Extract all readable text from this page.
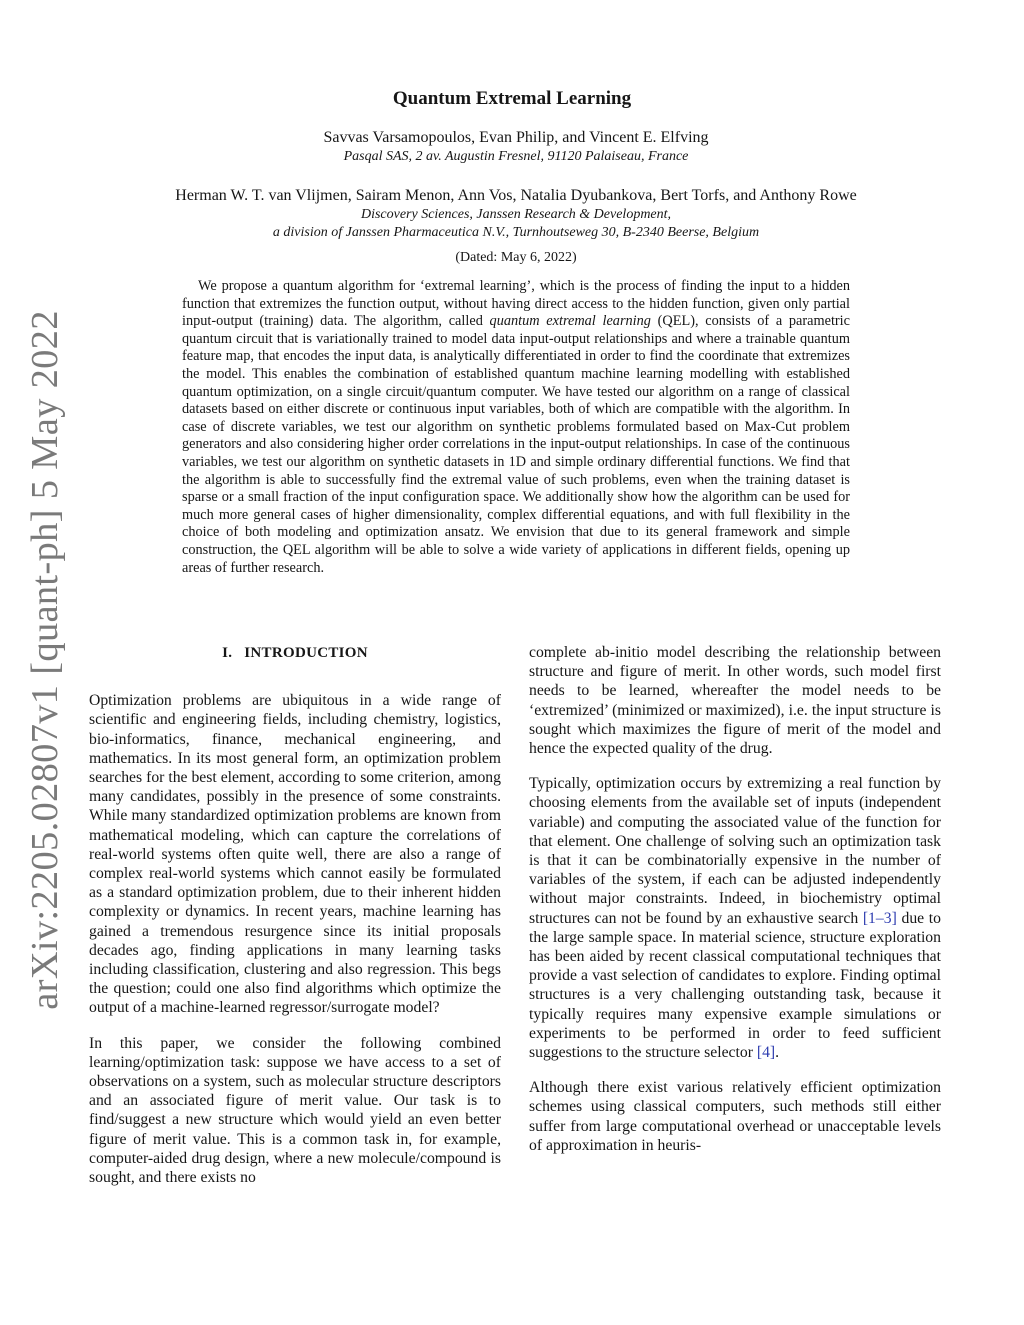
arXiv:2205.02807v1 [quant-ph] 5 May 2022
Quantum Extremal Learning

Savvas Varsamopoulos, Evan Philip, and Vincent E. Elfving

Pasqal SAS, 2 av. Augustin Fresnel, 91120 Palaiseau, France

Herman W. T. van Vlijmen, Sairam Menon, Ann Vos, Natalia Dyubankova, Bert Torfs, and Anthony Rowe

Discovery Sciences, Janssen Research & Development,

a division of Janssen Pharmaceutica N.V., Turnhoutseweg 30, B-2340 Beerse, Belgium

(Dated: May 6, 2022)

We propose a quantum algorithm for ‘extremal learning’, which is the process of finding the input to a hidden function that extremizes the function output, without having direct access to the hidden function, given only partial input-output (training) data. The algorithm, called quantum extremal learning (QEL), consists of a parametric quantum circuit that is variationally trained to model data input-output relationships and where a trainable quantum feature map, that encodes the input data, is analytically differentiated in order to find the coordinate that extremizes the model. This enables the combination of established quantum machine learning modelling with established quantum optimization, on a single circuit/quantum computer. We have tested our algorithm on a range of classical datasets based on either discrete or continuous input variables, both of which are compatible with the algorithm. In case of discrete variables, we test our algorithm on synthetic problems formulated based on Max-Cut problem generators and also considering higher order correlations in the input-output relationships. In case of the continuous variables, we test our algorithm on synthetic datasets in 1D and simple ordinary differential functions. We find that the algorithm is able to successfully find the extremal value of such problems, even when the training dataset is sparse or a small fraction of the input configuration space. We additionally show how the algorithm can be used for much more general cases of higher dimensionality, complex differential equations, and with full flexibility in the choice of both modeling and optimization ansatz. We envision that due to its general framework and simple construction, the QEL algorithm will be able to solve a wide variety of applications in different fields, opening up areas of further research.

I. INTRODUCTION

Optimization problems are ubiquitous in a wide range of scientific and engineering fields, including chemistry, logistics, bio-informatics, finance, mechanical engineering, and mathematics. In its most general form, an optimization problem searches for the best element, according to some criterion, among many candidates, possibly in the presence of some constraints. While many standardized optimization problems are known from mathematical modeling, which can capture the correlations of real-world systems often quite well, there are also a range of complex real-world systems which cannot easily be formulated as a standard optimization problem, due to their inherent hidden complexity or dynamics. In recent years, machine learning has gained a tremendous resurgence since its initial proposals decades ago, finding applications in many learning tasks including classification, clustering and also regression. This begs the question; could one also find algorithms which optimize the output of a machine-learned regressor/surrogate model?

In this paper, we consider the following combined learning/optimization task: suppose we have access to a set of observations on a system, such as molecular structure descriptors and an associated figure of merit value. Our task is to find/suggest a new structure which would yield an even better figure of merit value. This is a common task in, for example, computer-aided drug design, where a new molecule/compound is sought, and there exists no

complete ab-initio model describing the relationship between structure and figure of merit. In other words, such model first needs to be learned, whereafter the model needs to be ‘extremized’ (minimized or maximized), i.e. the input structure is sought which maximizes the figure of merit of the model and hence the expected quality of the drug.

Typically, optimization occurs by extremizing a real function by choosing elements from the available set of inputs (independent variable) and computing the associated value of the function for that element. One challenge of solving such an optimization task is that it can be combinatorially expensive in the number of variables of the system, if each can be adjusted independently without major constraints. Indeed, in biochemistry optimal structures can not be found by an exhaustive search [1–3] due to the large sample space. In material science, structure exploration has been aided by recent classical computational techniques that provide a vast selection of candidates to explore. Finding optimal structures is a very challenging outstanding task, because it typically requires many expensive example simulations or experiments to be performed in order to feed sufficient suggestions to the structure selector [4].

Although there exist various relatively efficient optimization schemes using classical computers, such methods still either suffer from large computational overhead or unacceptable levels of approximation in heuris-
